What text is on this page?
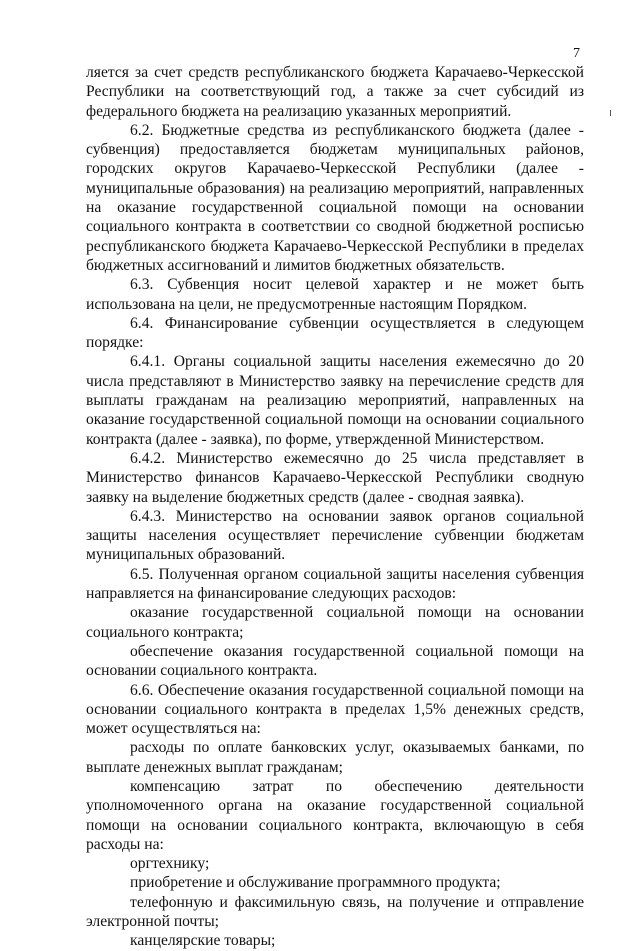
7

ляется за счет средств республиканского бюджета Карачаево-Черкесской Республики на соответствующий год, а также за счет субсидий из федерального бюджета на реализацию указанных мероприятий.

6.2. Бюджетные средства из республиканского бюджета (далее - субвенция) предоставляется бюджетам муниципальных районов, городских округов Карачаево-Черкесской Республики (далее - муниципальные образования) на реализацию мероприятий, направленных на оказание государственной социальной помощи на основании социального контракта в соответствии со сводной бюджетной росписью республиканского бюджета Карачаево-Черкесской Республики в пределах бюджетных ассигнований и лимитов бюджетных обязательств.

6.3. Субвенция носит целевой характер и не может быть использована на цели, не предусмотренные настоящим Порядком.

6.4. Финансирование субвенции осуществляется в следующем порядке:

6.4.1. Органы социальной защиты населения ежемесячно до 20 числа представляют в Министерство заявку на перечисление средств для выплаты гражданам на реализацию мероприятий, направленных на оказание государственной социальной помощи на основании социального контракта (далее - заявка), по форме, утвержденной Министерством.

6.4.2. Министерство ежемесячно до 25 числа представляет в Министерство финансов Карачаево-Черкесской Республики сводную заявку на выделение бюджетных средств (далее - сводная заявка).

6.4.3. Министерство на основании заявок органов социальной защиты населения осуществляет перечисление субвенции бюджетам муниципальных образований.

6.5. Полученная органом социальной защиты населения субвенция направляется на финансирование следующих расходов:

оказание государственной социальной помощи на основании социального контракта;

обеспечение оказания государственной социальной помощи на основании социального контракта.

6.6. Обеспечение оказания государственной социальной помощи на основании социального контракта в пределах 1,5% денежных средств, может осуществляться на:

расходы по оплате банковских услуг, оказываемых банками, по выплате денежных выплат гражданам;

компенсацию затрат по обеспечению деятельности уполномоченного органа на оказание государственной социальной помощи на основании социального контракта, включающую в себя расходы на:

оргтехнику;

приобретение и обслуживание программного продукта;

телефонную и факсимильную связь, на получение и отправление электронной почты;

канцелярские товары;
